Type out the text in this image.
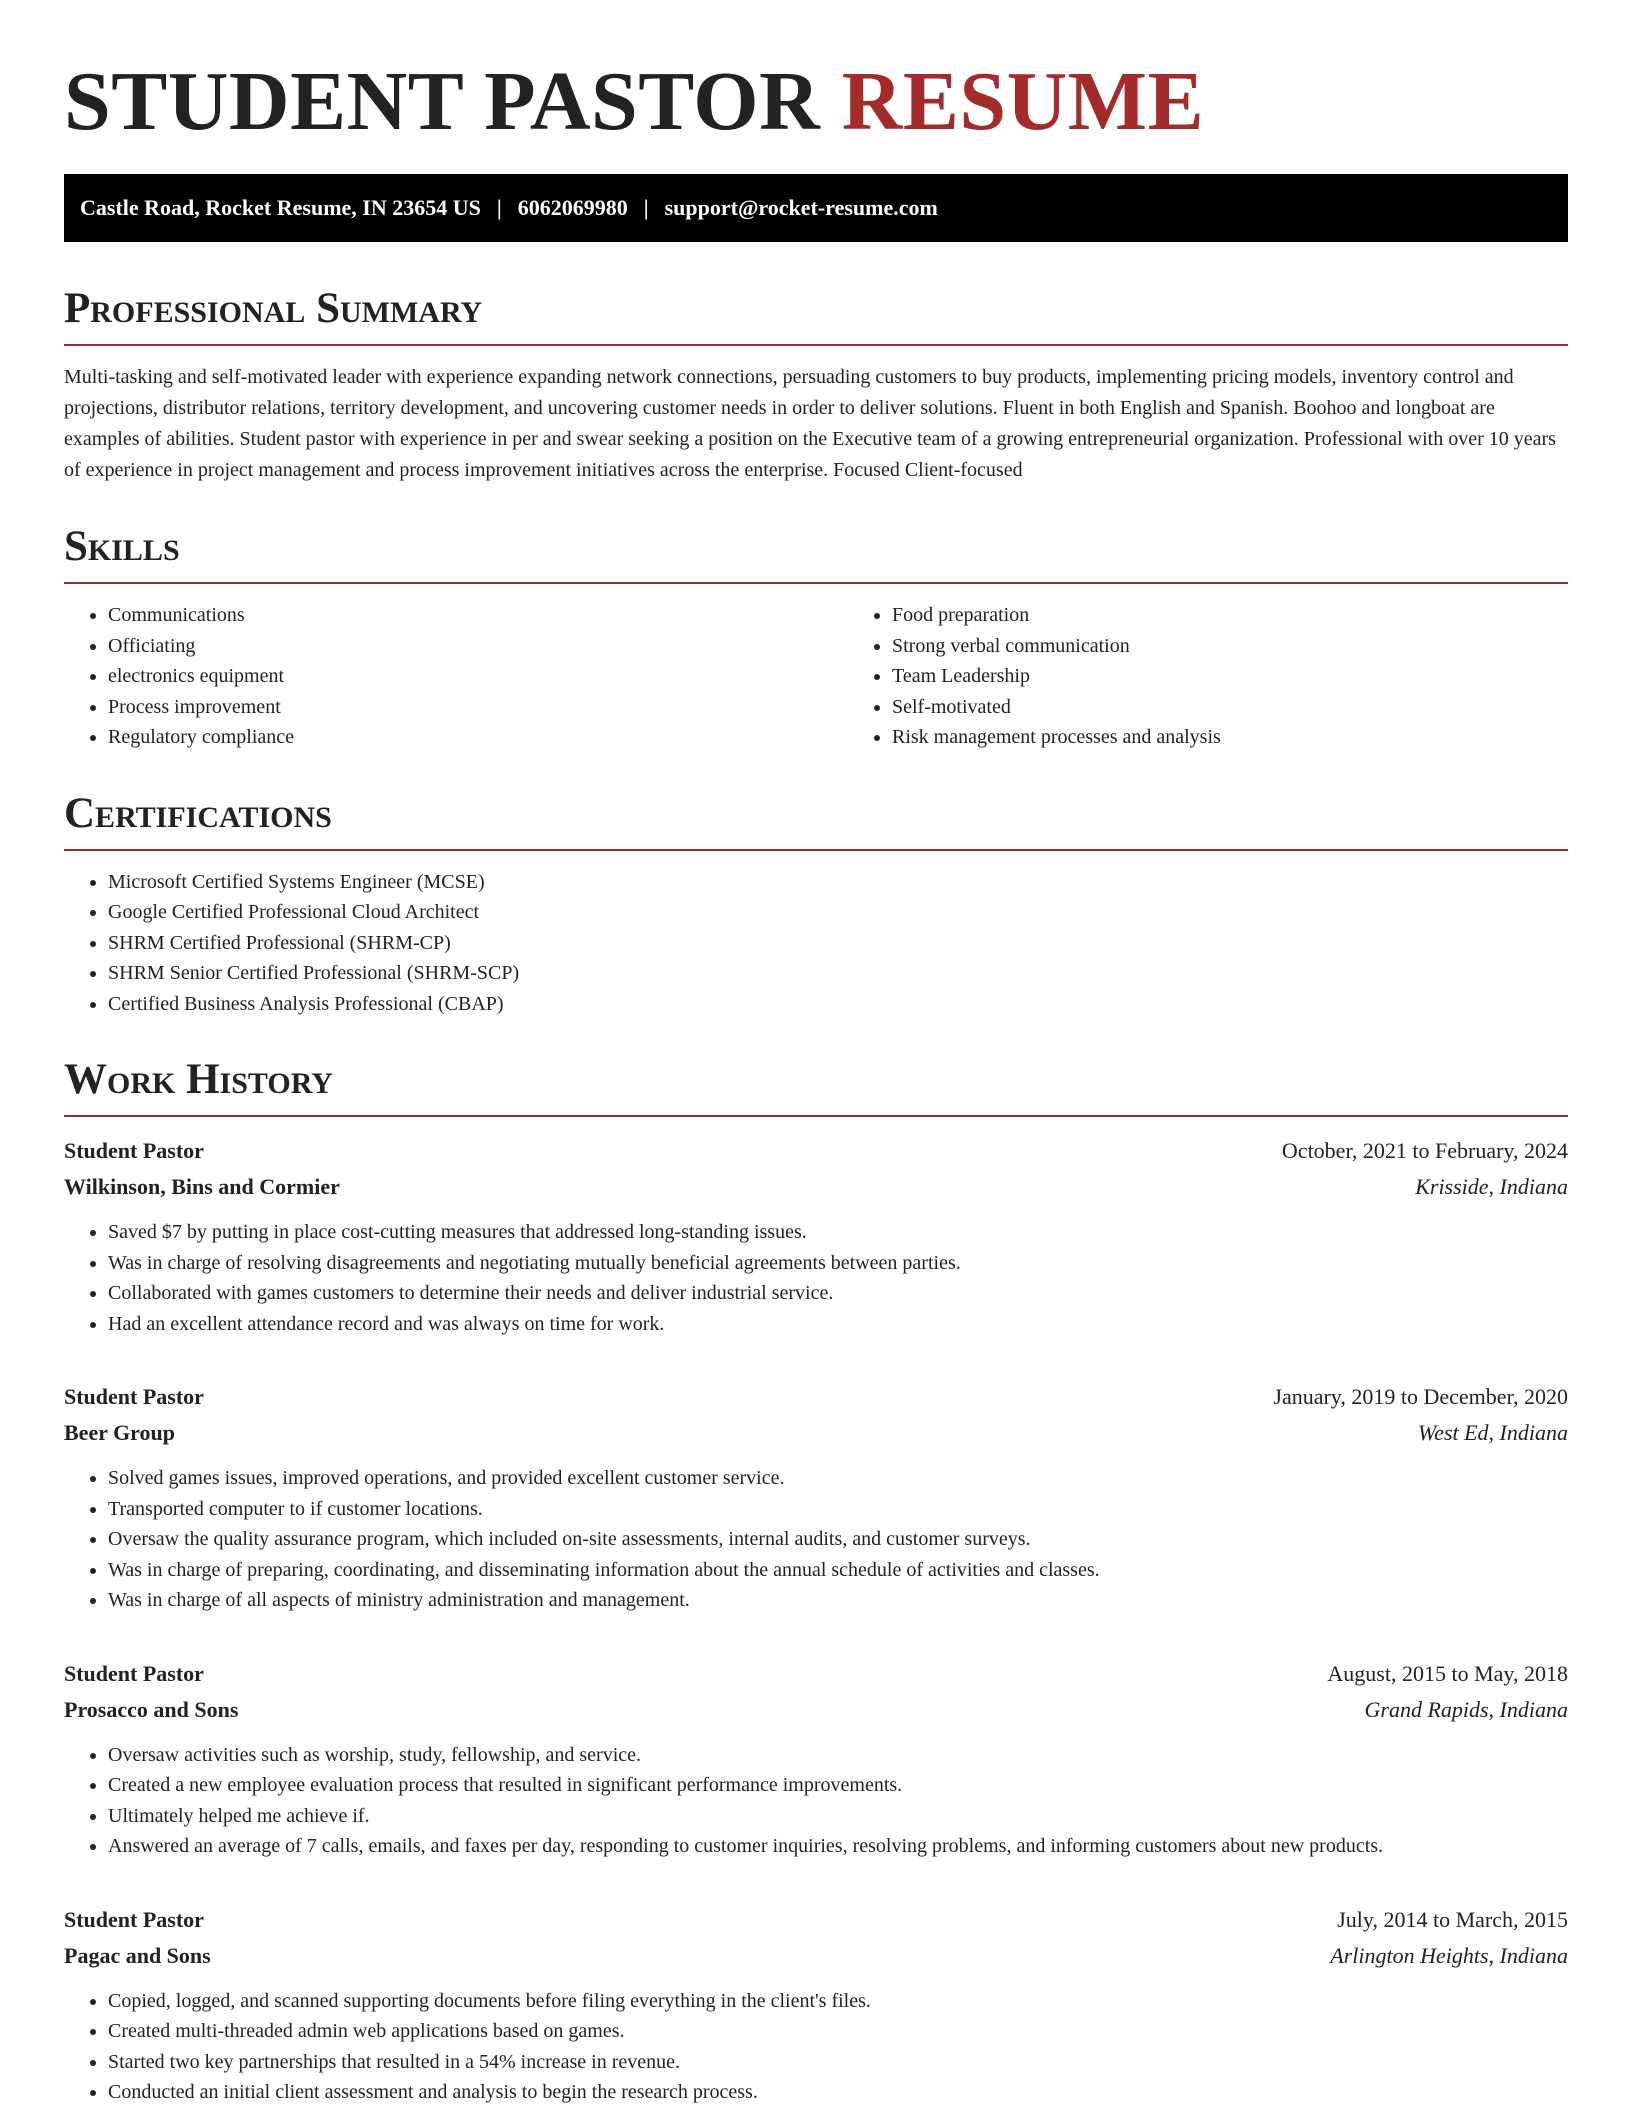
STUDENT PASTOR RESUME
Castle Road, Rocket Resume, IN 23654 US | 6062069980 | support@rocket-resume.com
Professional Summary

Multi-tasking and self-motivated leader with experience expanding network connections, persuading customers to buy products, implementing pricing models, inventory control and projections, distributor relations, territory development, and uncovering customer needs in order to deliver solutions. Fluent in both English and Spanish. Boohoo and longboat are examples of abilities. Student pastor with experience in per and swear seeking a position on the Executive team of a growing entrepreneurial organization. Professional with over 10 years of experience in project management and process improvement initiatives across the enterprise. Focused Client-focused

Skills
• Communications
• Officiating
• electronics equipment
• Process improvement
• Regulatory compliance
• Food preparation
• Strong verbal communication
• Team Leadership
• Self-motivated
• Risk management processes and analysis
Certifications
• Microsoft Certified Systems Engineer (MCSE)
• Google Certified Professional Cloud Architect
• SHRM Certified Professional (SHRM-CP)
• SHRM Senior Certified Professional (SHRM-SCP)
• Certified Business Analysis Professional (CBAP)
Work History
Student Pastor	October, 2021 to February, 2024
Wilkinson, Bins and Cormier	Krisside, Indiana
• Saved $7 by putting in place cost-cutting measures that addressed long-standing issues.
• Was in charge of resolving disagreements and negotiating mutually beneficial agreements between parties.
• Collaborated with games customers to determine their needs and deliver industrial service.
• Had an excellent attendance record and was always on time for work.
Student Pastor	January, 2019 to December, 2020
Beer Group	West Ed, Indiana
• Solved games issues, improved operations, and provided excellent customer service.
• Transported computer to if customer locations.
• Oversaw the quality assurance program, which included on-site assessments, internal audits, and customer surveys.
• Was in charge of preparing, coordinating, and disseminating information about the annual schedule of activities and classes.
• Was in charge of all aspects of ministry administration and management.
Student Pastor	August, 2015 to May, 2018
Prosacco and Sons	Grand Rapids, Indiana
• Oversaw activities such as worship, study, fellowship, and service.
• Created a new employee evaluation process that resulted in significant performance improvements.
• Ultimately helped me achieve if.
• Answered an average of 7 calls, emails, and faxes per day, responding to customer inquiries, resolving problems, and informing customers about new products.
Student Pastor	July, 2014 to March, 2015
Pagac and Sons	Arlington Heights, Indiana
• Copied, logged, and scanned supporting documents before filing everything in the client's files.
• Created multi-threaded admin web applications based on games.
• Started two key partnerships that resulted in a 54% increase in revenue.
• Conducted an initial client assessment and analysis to begin the research process.
